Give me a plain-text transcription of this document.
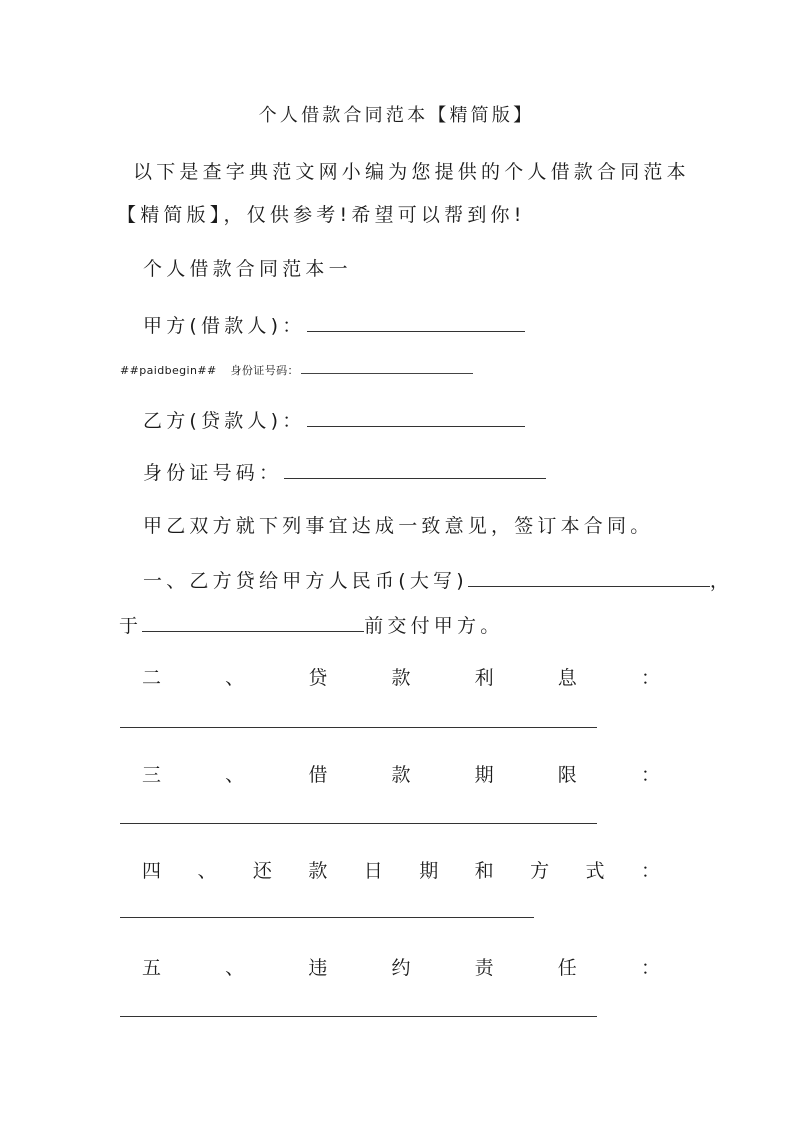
个人借款合同范本【精简版】
以下是查字典范文网小编为您提供的个人借款合同范本
【精简版】，仅供参考!希望可以帮到你!
个人借款合同范本一
甲方(借款人)：
##paidbegin## 身份证号码：
乙方(贷款人)：
身份证号码：
甲乙双方就下列事宜达成一致意见，签订本合同。
一、乙方贷给甲方人民币(大写)	，
于	前交付甲方。
二	、	贷	款	利	息	：
三	、	借	款	期	限	：
四 、 还 款 日 期 和 方 式 ：
五	、	违	约	责	任	：
